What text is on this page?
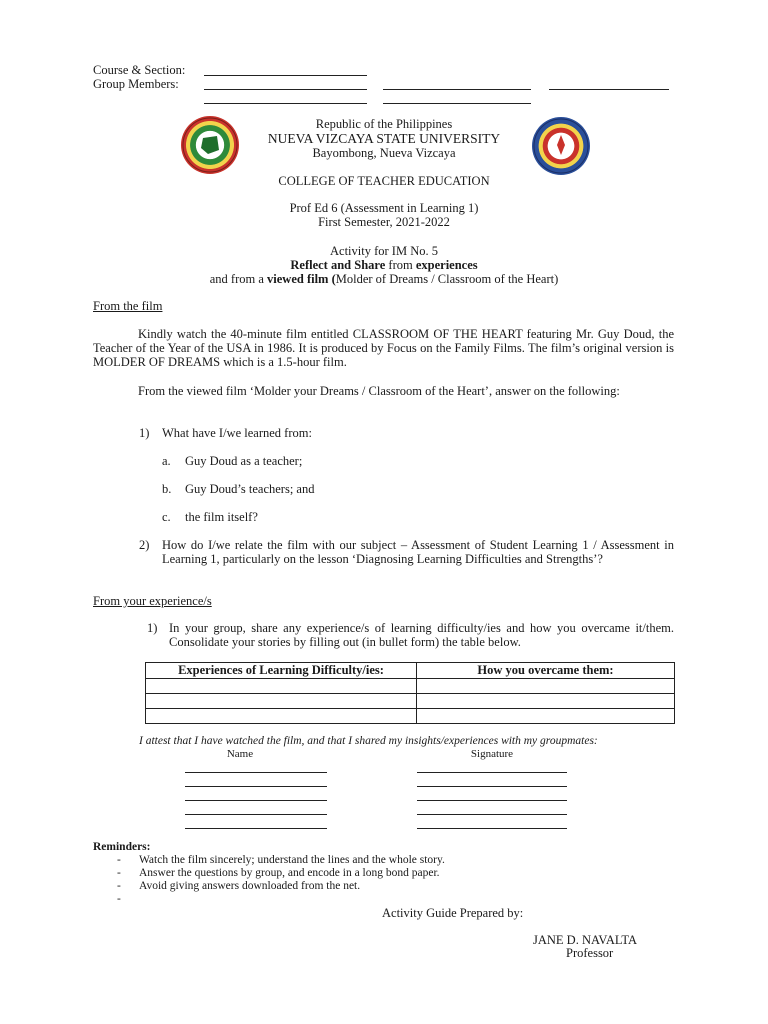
Course & Section:
Group Members:
Republic of the Philippines
NUEVA VIZCAYA STATE UNIVERSITY
Bayombong, Nueva Vizcaya
COLLEGE OF TEACHER EDUCATION
Prof Ed 6 (Assessment in Learning 1)
First Semester, 2021-2022
Activity for IM No. 5
Reflect and Share from experiences
and from a viewed film (Molder of Dreams / Classroom of the Heart)
From the film
Kindly watch the 40-minute film entitled CLASSROOM OF THE HEART featuring Mr. Guy Doud, the Teacher of the Year of the USA in 1986. It is produced by Focus on the Family Films. The film’s original version is MOLDER OF DREAMS which is a 1.5-hour film.
From the viewed film ‘Molder your Dreams / Classroom of the Heart’, answer on the following:
1) What have I/we learned from:
a. Guy Doud as a teacher;
b. Guy Doud’s teachers; and
c. the film itself?
2) How do I/we relate the film with our subject – Assessment of Student Learning 1 / Assessment in Learning 1, particularly on the lesson ‘Diagnosing Learning Difficulties and Strengths’?
From your experience/s
1) In your group, share any experience/s of learning difficulty/ies and how you overcame it/them. Consolidate your stories by filling out (in bullet form) the table below.
Experiences of Learning Difficulty/ies:	How you overcame them:

I attest that I have watched the film, and that I shared my insights/experiences with my groupmates:
Name	Signature
Reminders:
- Watch the film sincerely; understand the lines and the whole story.
- Answer the questions by group, and encode in a long bond paper.
- Avoid giving answers downloaded from the net.
-
Activity Guide Prepared by:
JANE D. NAVALTA
Professor
